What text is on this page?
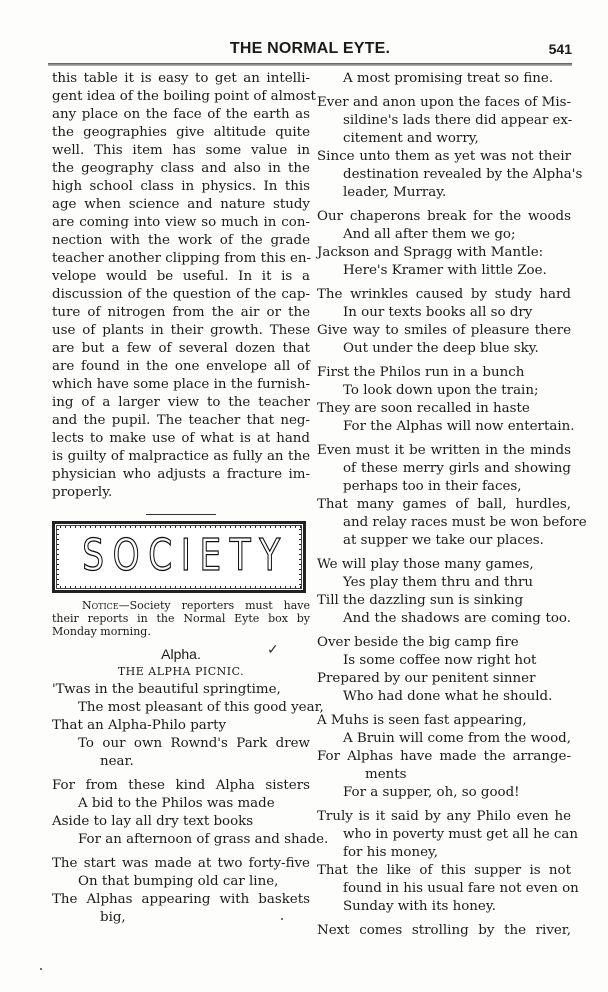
THE NORMAL EYTE.	541
this table it is easy to get an intelli-
gent idea of the boiling point of almost
any place on the face of the earth as
the geographies give altitude quite
well. This item has some value in
the geography class and also in the
high school class in physics. In this
age when science and nature study
are coming into view so much in con-
nection with the work of the grade
teacher another clipping from this en-
velope would be useful. In it is a
discussion of the question of the cap-
ture of nitrogen from the air or the
use of plants in their growth. These
are but a few of several dozen that
are found in the one envelope all of
which have some place in the furnish-
ing of a larger view to the teacher
and the pupil. The teacher that neg-
lects to make use of what is at hand
is guilty of malpractice as fully an the
physician who adjusts a fracture im-
properly.
SOCIETY
Notice—Society reporters must have their reports in the Normal Eyte box by Monday morning.
Alpha.	✓
THE ALPHA PICNIC.
'Twas in the beautiful springtime,
The most pleasant of this good year,
That an Alpha-Philo party
To our own Rownd's Park drew
near.
For from these kind Alpha sisters
A bid to the Philos was made
Aside to lay all dry text books
For an afternoon of grass and shade.
The start was made at two forty-five
On that bumping old car line,
The Alphas appearing with baskets
big,
A most promising treat so fine.
Ever and anon upon the faces of Mis-
sildine's lads there did appear ex-
citement and worry,
Since unto them as yet was not their
destination revealed by the Alpha's
leader, Murray.
Our chaperons break for the woods
And all after them we go;
Jackson and Spragg with Mantle:
Here's Kramer with little Zoe.
The wrinkles caused by study hard
In our texts books all so dry
Give way to smiles of pleasure there
Out under the deep blue sky.
First the Philos run in a bunch
To look down upon the train;
They are soon recalled in haste
For the Alphas will now entertain.
Even must it be written in the minds
of these merry girls and showing
perhaps too in their faces,
That many games of ball, hurdles,
and relay races must be won before
at supper we take our places.
We will play those many games,
Yes play them thru and thru
Till the dazzling sun is sinking
And the shadows are coming too.
Over beside the big camp fire
Is some coffee now right hot
Prepared by our penitent sinner
Who had done what he should.
A Muhs is seen fast appearing,
A Bruin will come from the wood,
For Alphas have made the arrange-
ments
For a supper, oh, so good!
Truly is it said by any Philo even he
who in poverty must get all he can
for his money,
That the like of this supper is not
found in his usual fare not even on
Sunday with its honey.
Next comes strolling by the river,
